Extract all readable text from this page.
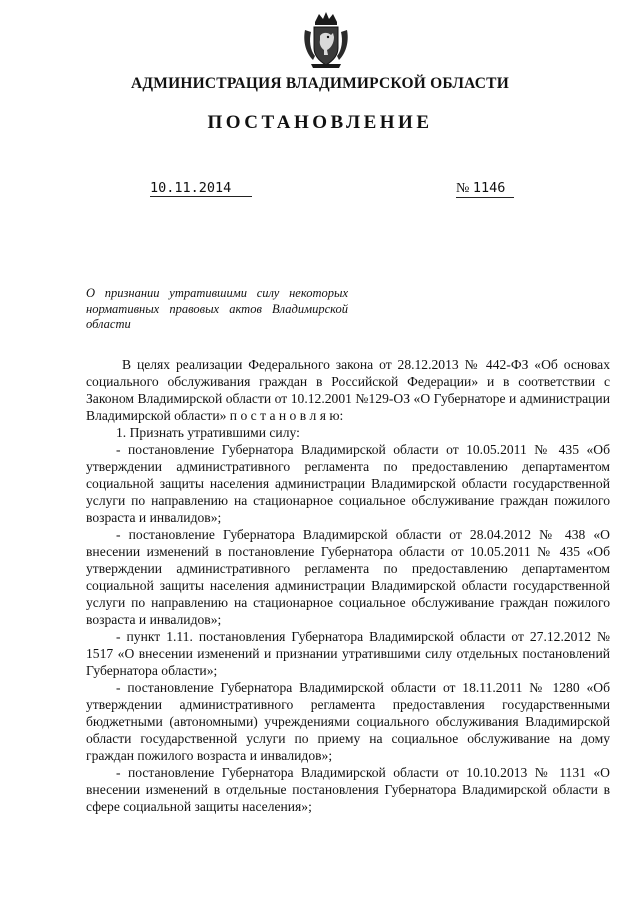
АДМИНИСТРАЦИЯ ВЛАДИМИРСКОЙ ОБЛАСТИ
ПОСТАНОВЛЕНИЕ
10.11.2014	№ 1146
О признании утратившими силу некоторых нормативных правовых актов Владимирской области

В целях реализации Федерального закона от 28.12.2013 № 442-ФЗ «Об основах социального обслуживания граждан в Российской Федерации» и в соответствии с Законом Владимирской области от 10.12.2001 №129-ОЗ «О Губернаторе и администрации Владимирской области» п о с т а н о в л я ю:

1. Признать утратившими силу:

- постановление Губернатора Владимирской области от 10.05.2011 № 435 «Об утверждении административного регламента по предоставлению департаментом социальной защиты населения администрации Владимирской области государственной услуги по направлению на стационарное социальное обслуживание граждан пожилого возраста и инвалидов»;

- постановление Губернатора Владимирской области от 28.04.2012 № 438 «О внесении изменений в постановление Губернатора области от 10.05.2011 № 435 «Об утверждении административного регламента по предоставлению департаментом социальной защиты населения администрации Владимирской области государственной услуги по направлению на стационарное социальное обслуживание граждан пожилого возраста и инвалидов»;

- пункт 1.11. постановления Губернатора Владимирской области от 27.12.2012 № 1517 «О внесении изменений и признании утратившими силу отдельных постановлений Губернатора области»;

- постановление Губернатора Владимирской области от 18.11.2011 № 1280 «Об утверждении административного регламента предоставления государственными бюджетными (автономными) учреждениями социального обслуживания Владимирской области государственной услуги по приему на социальное обслуживание на дому граждан пожилого возраста и инвалидов»;

- постановление Губернатора Владимирской области от 10.10.2013 № 1131 «О внесении изменений в отдельные постановления Губернатора Владимирской области в сфере социальной защиты населения»;
